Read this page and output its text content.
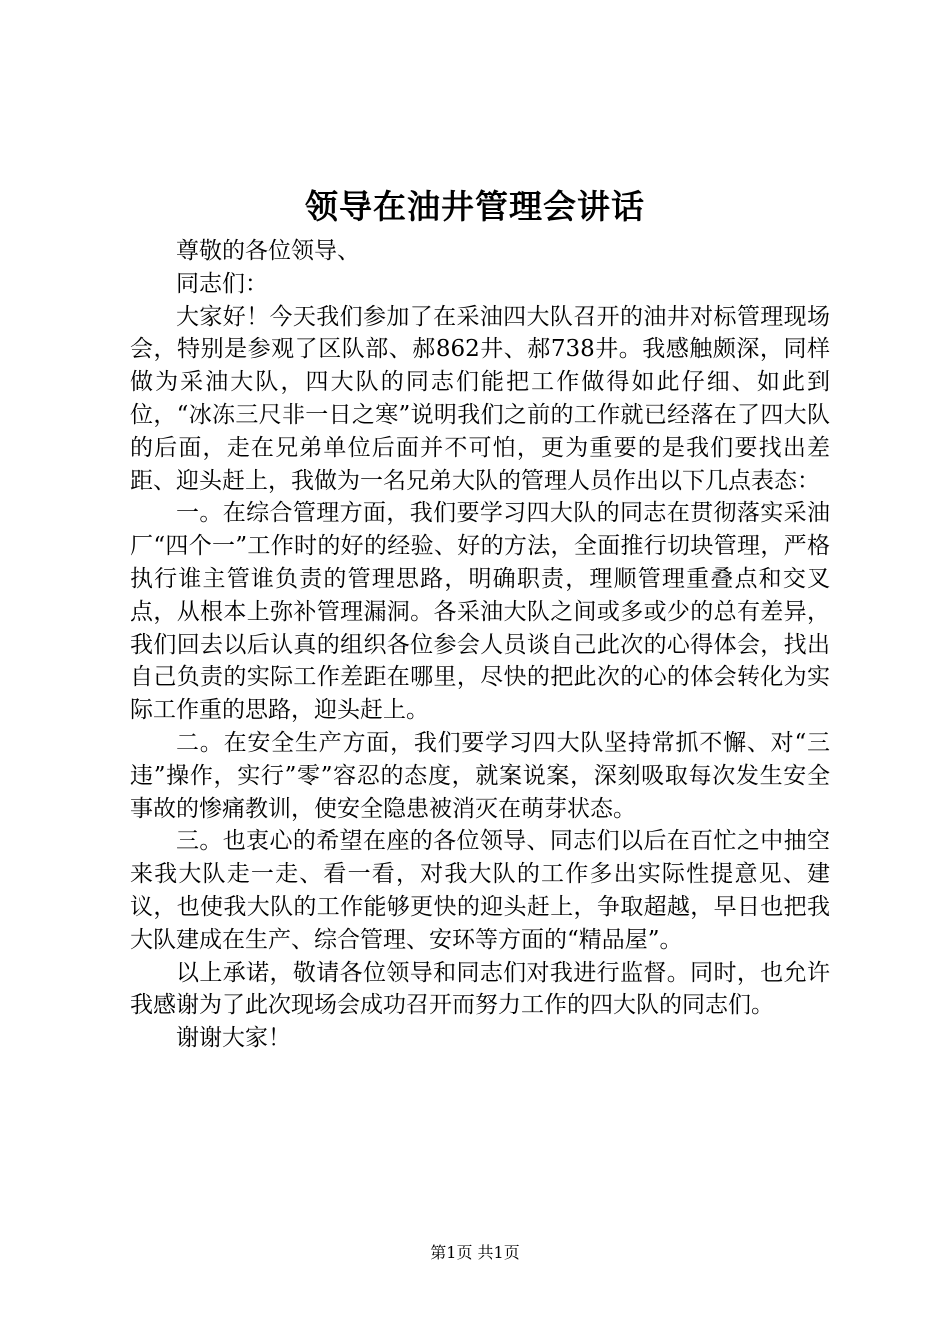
领导在油井管理会讲话

尊敬的各位领导、

同志们：

大家好！今天我们参加了在采油四大队召开的油井对标管理现场会，特别是参观了区队部、郝862井、郝738井。我感触颇深，同样做为采油大队，四大队的同志们能把工作做得如此仔细、如此到位，“冰冻三尺非一日之寒”说明我们之前的工作就已经落在了四大队的后面，走在兄弟单位后面并不可怕，更为重要的是我们要找出差距、迎头赶上，我做为一名兄弟大队的管理人员作出以下几点表态：

一。在综合管理方面，我们要学习四大队的同志在贯彻落实采油厂“四个一”工作时的好的经验、好的方法，全面推行切块管理，严格执行谁主管谁负责的管理思路，明确职责，理顺管理重叠点和交叉点，从根本上弥补管理漏洞。各采油大队之间或多或少的总有差异，我们回去以后认真的组织各位参会人员谈自己此次的心得体会，找出自己负责的实际工作差距在哪里，尽快的把此次的心的体会转化为实际工作重的思路，迎头赶上。

二。在安全生产方面，我们要学习四大队坚持常抓不懈、对“三违”操作，实行”零”容忍的态度，就案说案，深刻吸取每次发生安全事故的惨痛教训，使安全隐患被消灭在萌芽状态。

三。也衷心的希望在座的各位领导、同志们以后在百忙之中抽空来我大队走一走、看一看，对我大队的工作多出实际性提意见、建议，也使我大队的工作能够更快的迎头赶上，争取超越，早日也把我大队建成在生产、综合管理、安环等方面的“精品屋”。

以上承诺，敬请各位领导和同志们对我进行监督。同时，也允许我感谢为了此次现场会成功召开而努力工作的四大队的同志们。

谢谢大家！

第1页 共1页
